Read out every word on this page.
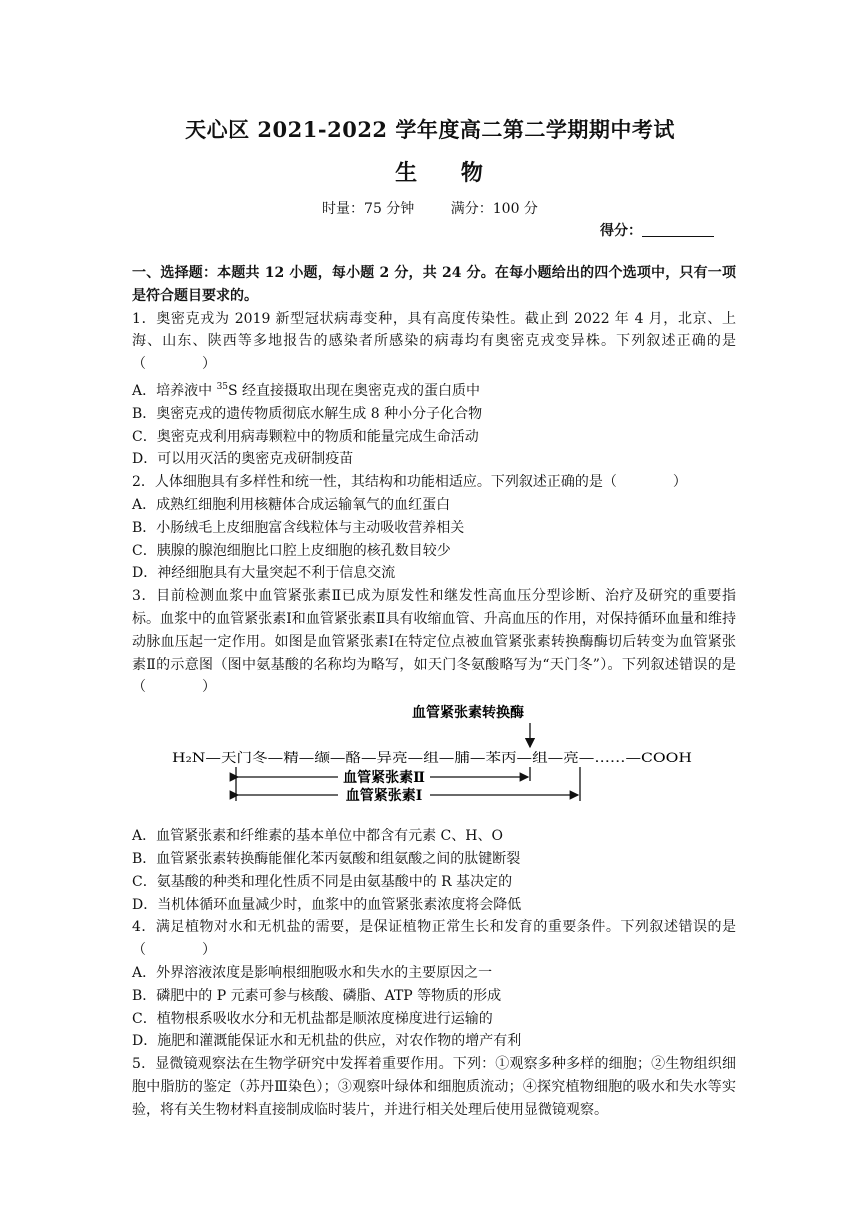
天心区 2021-2022 学年度高二第二学期期中考试
生 物
时量：75 分钟	满分：100 分
得分：

一、选择题：本题共 12 小题，每小题 2 分，共 24 分。在每小题给出的四个选项中，只有一项是符合题目要求的。

1．奥密克戎为 2019 新型冠状病毒变种，具有高度传染性。截止到 2022 年 4 月，北京、上海、山东、陕西等多地报告的感染者所感染的病毒均有奥密克戎变异株。下列叙述正确的是（　　　　）

A．培养液中 $^{35}$S 经直接摄取出现在奥密克戎的蛋白质中

B．奥密克戎的遗传物质彻底水解生成 8 种小分子化合物

C．奥密克戎利用病毒颗粒中的物质和能量完成生命活动

D．可以用灭活的奥密克戎研制疫苗

2．人体细胞具有多样性和统一性，其结构和功能相适应。下列叙述正确的是（　　　　）

A．成熟红细胞利用核糖体合成运输氧气的血红蛋白

B．小肠绒毛上皮细胞富含线粒体与主动吸收营养相关

C．胰腺的腺泡细胞比口腔上皮细胞的核孔数目较少

D．神经细胞具有大量突起不利于信息交流

3．目前检测血浆中血管紧张素Ⅱ已成为原发性和继发性高血压分型诊断、治疗及研究的重要指标。血浆中的血管紧张素Ⅰ和血管紧张素Ⅱ具有收缩血管、升高血压的作用，对保持循环血量和维持动脉血压起一定作用。如图是血管紧张素Ⅰ在特定位点被血管紧张素转换酶酶切后转变为血管紧张素Ⅱ的示意图（图中氨基酸的名称均为略写，如天门冬氨酸略写为“天门冬”）。下列叙述错误的是（　　　　）

血管紧张素转换酶
H₂N—天门冬—精—缬—酪—异亮—组—脯—苯丙—组—亮—……—COOH
血管紧张素Ⅱ
血管紧张素Ⅰ

A．血管紧张素和纤维素的基本单位中都含有元素 C、H、O

B．血管紧张素转换酶能催化苯丙氨酸和组氨酸之间的肽键断裂

C．氨基酸的种类和理化性质不同是由氨基酸中的 R 基决定的

D．当机体循环血量减少时，血浆中的血管紧张素浓度将会降低

4．满足植物对水和无机盐的需要，是保证植物正常生长和发育的重要条件。下列叙述错误的是（　　　　）

A．外界溶液浓度是影响根细胞吸水和失水的主要原因之一

B．磷肥中的 P 元素可参与核酸、磷脂、ATP 等物质的形成

C．植物根系吸收水分和无机盐都是顺浓度梯度进行运输的

D．施肥和灌溉能保证水和无机盐的供应，对农作物的增产有利

5．显微镜观察法在生物学研究中发挥着重要作用。下列：①观察多种多样的细胞；②生物组织细胞中脂肪的鉴定（苏丹Ⅲ染色）；③观察叶绿体和细胞质流动；④探究植物细胞的吸水和失水等实验，将有关生物材料直接制成临时装片，并进行相关处理后使用显微镜观察。
